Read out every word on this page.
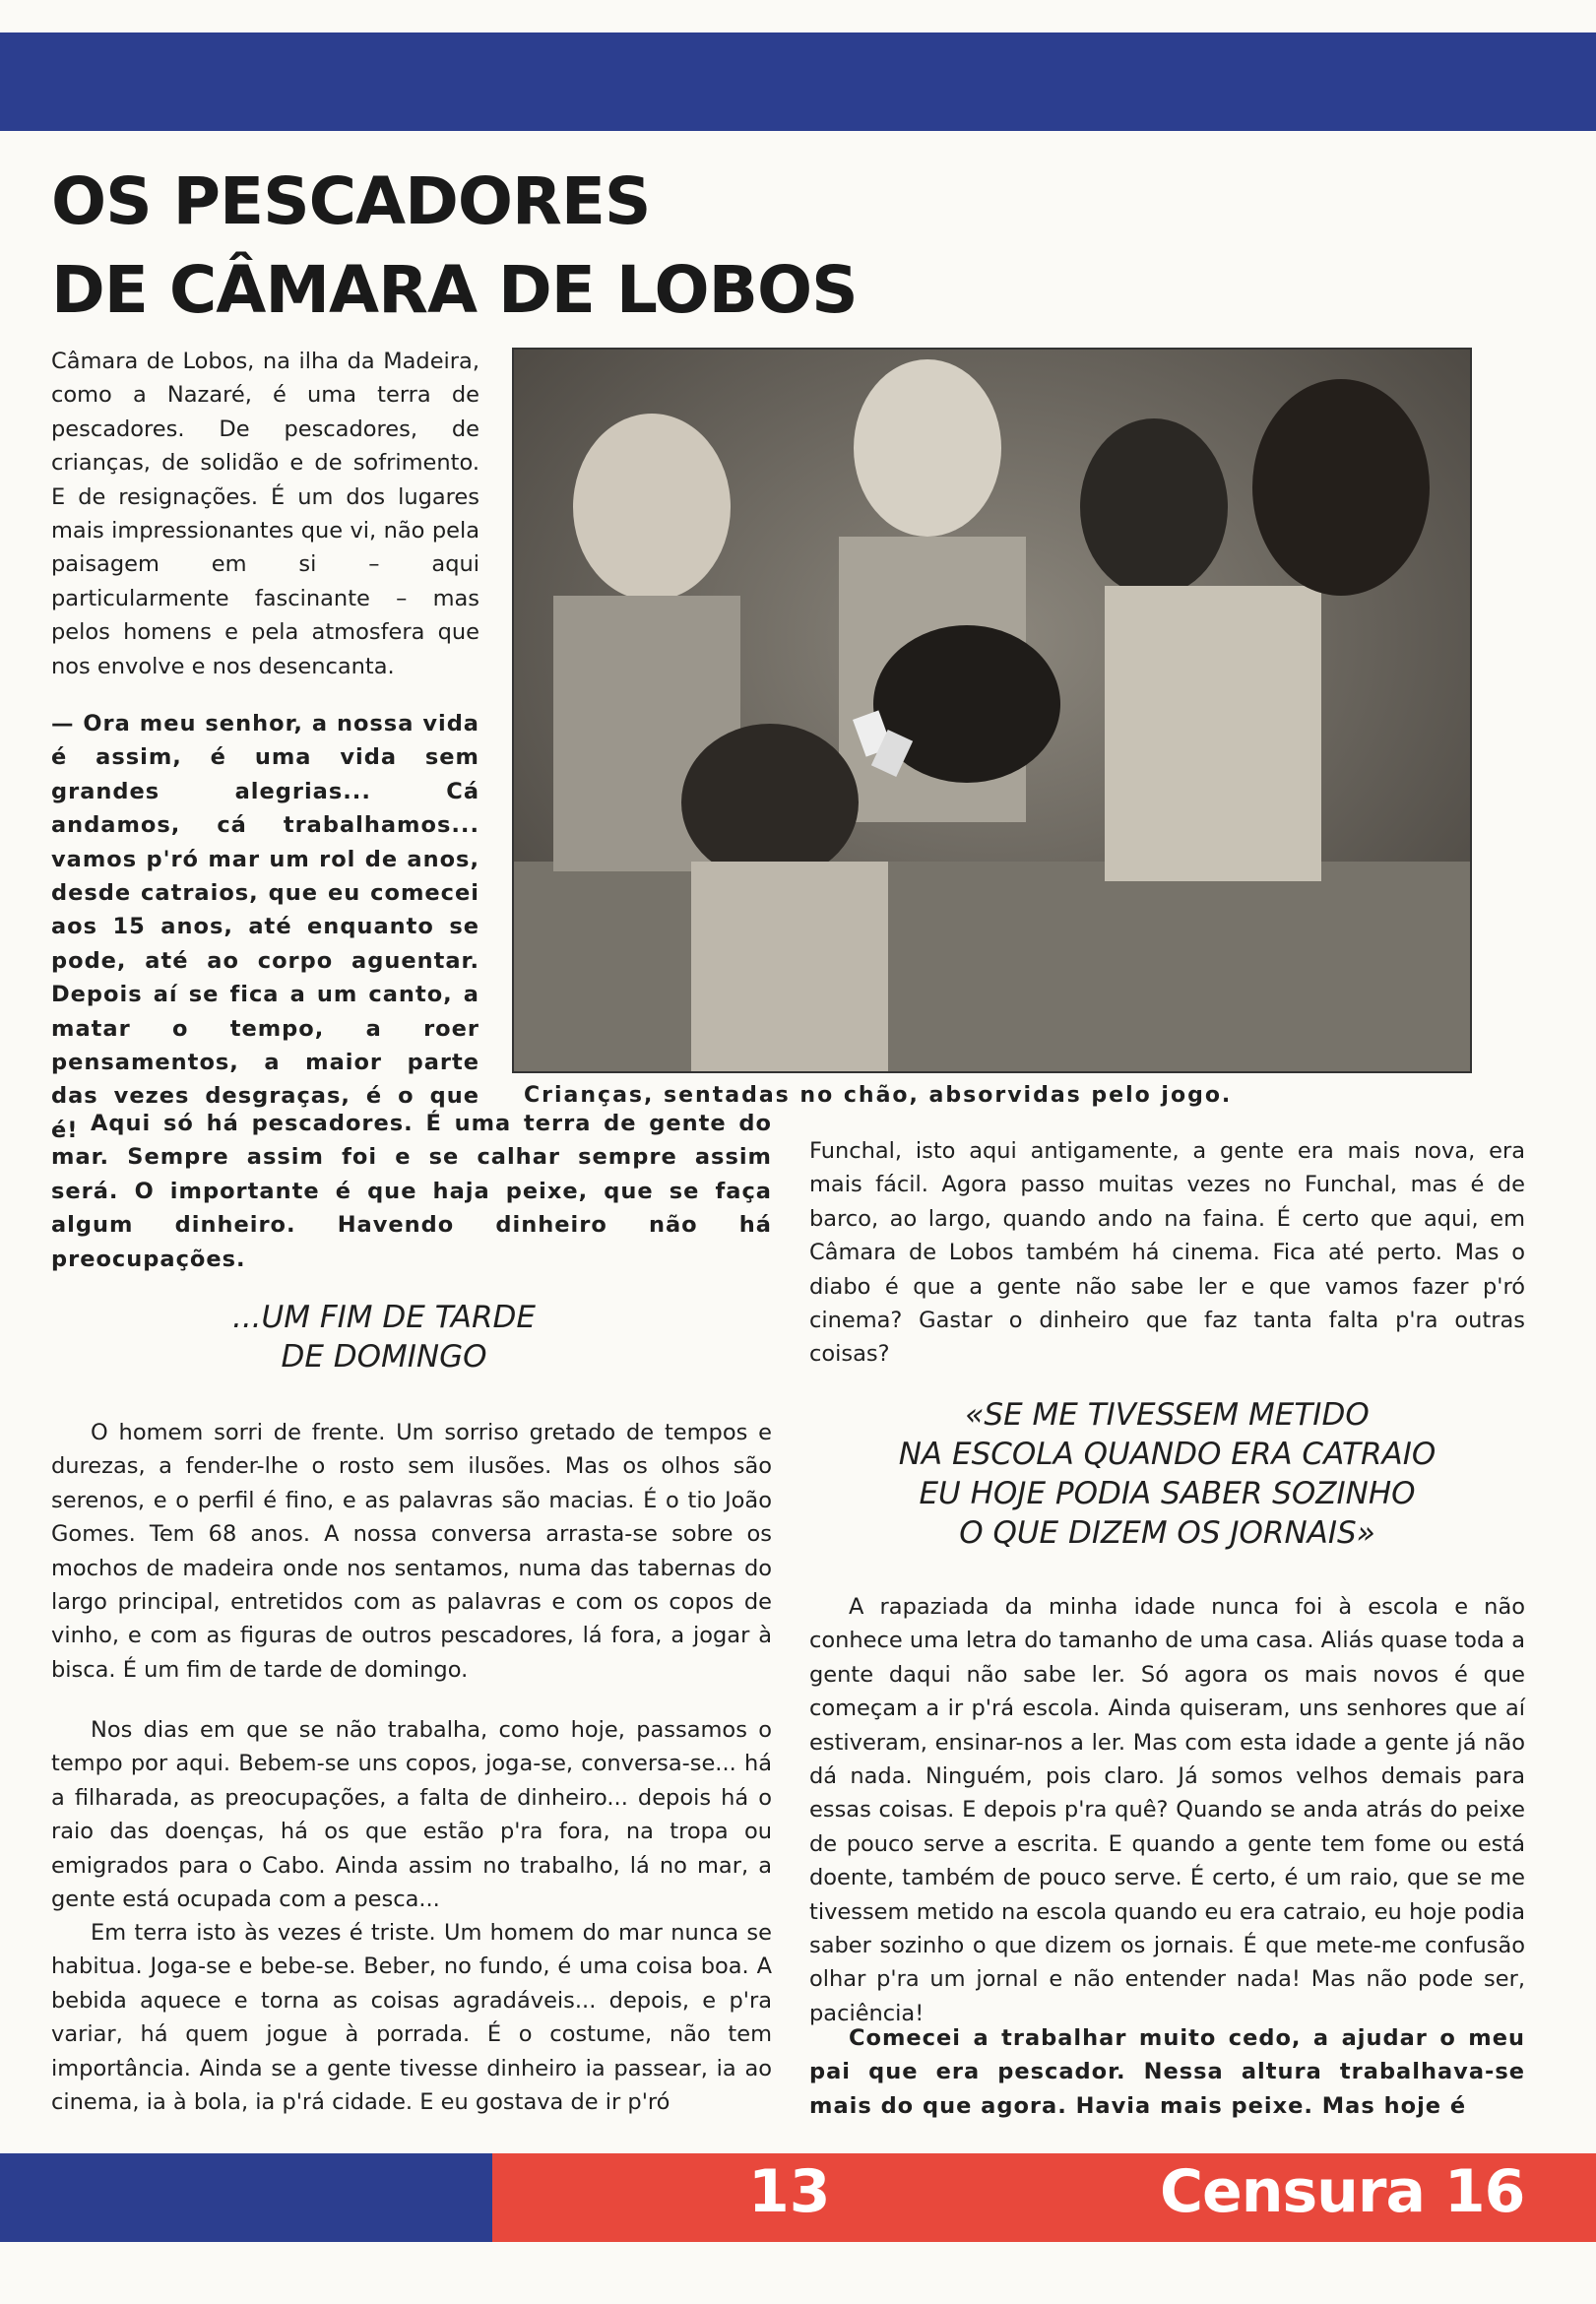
OS PESCADORES
DE CÂMARA DE LOBOS

Câmara de Lobos, na ilha da Madeira, como a Nazaré, é uma terra de pescadores. De pescadores, de crianças, de solidão e de sofrimento. E de resignações. É um dos lugares mais impressionantes que vi, não pela paisagem em si – aqui particularmente fascinante – mas pelos homens e pela atmosfera que nos envolve e nos desencanta.

— Ora meu senhor, a nossa vida é assim, é uma vida sem grandes alegrias... Cá andamos, cá trabalhamos... vamos p'ró mar um rol de anos, desde catraios, que eu comecei aos 15 anos, até enquanto se pode, até ao corpo aguentar. Depois aí se fica a um canto, a matar o tempo, a roer pensamentos, a maior parte das vezes desgraças, é o que é! Aqui só há pescadores. É uma terra de gente do mar. Sempre assim foi e se calhar sempre assim será. O importante é que haja peixe, que se faça algum dinheiro. Havendo dinheiro não há preocupações.

Crianças, sentadas no chão, absorvidas pelo jogo.

...UM FIM DE TARDE
DE DOMINGO

O homem sorri de frente. Um sorriso gretado de tempos e durezas, a fender-lhe o rosto sem ilusões. Mas os olhos são serenos, e o perfil é fino, e as palavras são macias. É o tio João Gomes. Tem 68 anos. A nossa conversa arrasta-se sobre os mochos de madeira onde nos sentamos, numa das tabernas do largo principal, entretidos com as palavras e com os copos de vinho, e com as figuras de outros pescadores, lá fora, a jogar à bisca. É um fim de tarde de domingo.

Nos dias em que se não trabalha, como hoje, passamos o tempo por aqui. Bebem-se uns copos, joga-se, conversa-se... há a filharada, as preocupações, a falta de dinheiro... depois há o raio das doenças, há os que estão p'ra fora, na tropa ou emigrados para o Cabo. Ainda assim no trabalho, lá no mar, a gente está ocupada com a pesca...

Em terra isto às vezes é triste. Um homem do mar nunca se habitua. Joga-se e bebe-se. Beber, no fundo, é uma coisa boa. A bebida aquece e torna as coisas agradáveis... depois, e p'ra variar, há quem jogue à porrada. É o costume, não tem importância. Ainda se a gente tivesse dinheiro ia passear, ia ao cinema, ia à bola, ia p'rá cidade. E eu gostava de ir p'ró

Funchal, isto aqui antigamente, a gente era mais nova, era mais fácil. Agora passo muitas vezes no Funchal, mas é de barco, ao largo, quando ando na faina. É certo que aqui, em Câmara de Lobos também há cinema. Fica até perto. Mas o diabo é que a gente não sabe ler e que vamos fazer p'ró cinema? Gastar o dinheiro que faz tanta falta p'ra outras coisas?

«SE ME TIVESSEM METIDO
NA ESCOLA QUANDO ERA CATRAIO
EU HOJE PODIA SABER SOZINHO
O QUE DIZEM OS JORNAIS»

A rapaziada da minha idade nunca foi à escola e não conhece uma letra do tamanho de uma casa. Aliás quase toda a gente daqui não sabe ler. Só agora os mais novos é que começam a ir p'rá escola. Ainda quiseram, uns senhores que aí estiveram, ensinar-nos a ler. Mas com esta idade a gente já não dá nada. Ninguém, pois claro. Já somos velhos demais para essas coisas. E depois p'ra quê? Quando se anda atrás do peixe de pouco serve a escrita. E quando a gente tem fome ou está doente, também de pouco serve. É certo, é um raio, que se me tivessem metido na escola quando eu era catraio, eu hoje podia saber sozinho o que dizem os jornais. É que mete-me confusão olhar p'ra um jornal e não entender nada! Mas não pode ser, paciência!

Comecei a trabalhar muito cedo, a ajudar o meu pai que era pescador. Nessa altura trabalhava-se mais do que agora. Havia mais peixe. Mas hoje é

13	Censura 16
